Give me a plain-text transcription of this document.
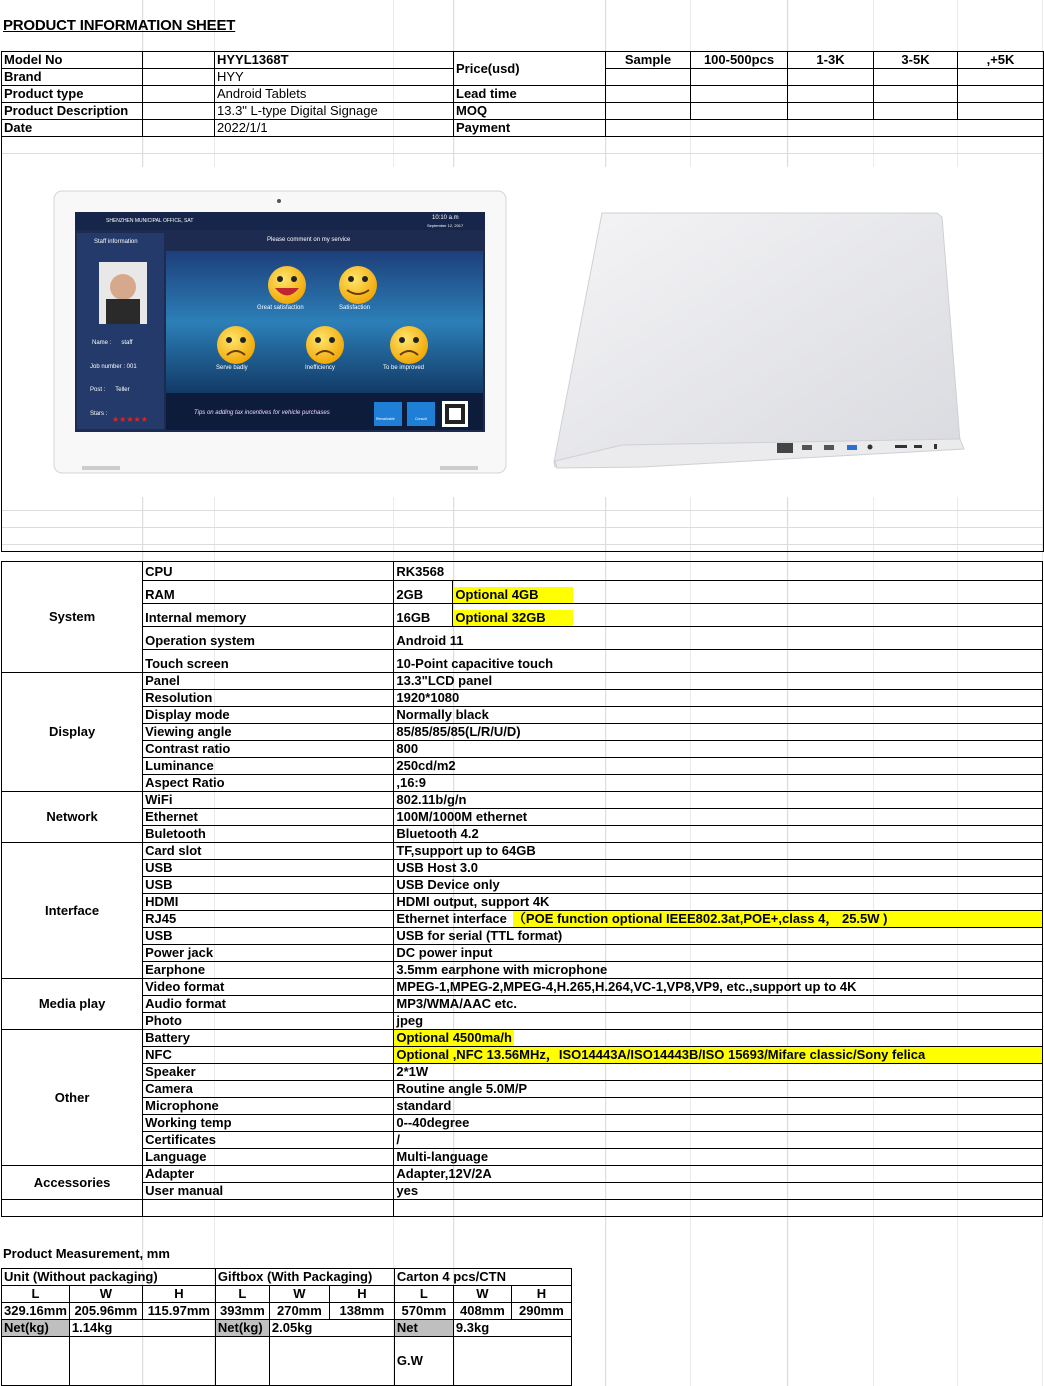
PRODUCT INFORMATION SHEET
Model No		HYYL1368T	Price(usd)	Sample	100-500pcs	1-3K	3-5K	,+5K
Brand		HYY						
Product type		Android Tablets	Lead time					
Product Description		13.3" L-type Digital Signage	MOQ					
Date		2022/1/1	Payment					
★★★★★
SHENZHEN MUNICIPAL OFFICE, SAT	10:10 a.m
September 12, 2017
Staff information	Please comment on my service
Name :      staff
Job number : 001
Post :      Teller
Stars :
Great satisfaction	Satisfaction
Serve badly	Inefficiency	To be improved
Tips on adding tax incentives for vehicle purchases
Remarkable	Consult
System	CPU	RK3568	
	RAM	2GB	Optional 4GB
	Internal memory	16GB	Optional 32GB
	Operation system	Android 11	
	Touch screen	10-Point capacitive touch	
Display	Panel	13.3"LCD panel	
	Resolution	1920*1080	
	Display mode	Normally black	
	Viewing angle	85/85/85/85(L/R/U/D)	
	Contrast ratio	800	
	Luminance	250cd/m2	
	Aspect Ratio	,16:9	
Network	WiFi	802.11b/g/n	
	Ethernet	100M/1000M ethernet	
	Buletooth	Bluetooth 4.2	
Interface	Card slot	TF,support up to 64GB	
	USB	USB Host 3.0	
	USB	USB Device only	
	HDMI	HDMI output, support 4K	
	RJ45	Ethernet interface （POE function optional IEEE802.3at,POE+,class 4， 25.5W )	
	USB	USB for serial (TTL format)	
	Power jack	DC power input	
	Earphone	3.5mm earphone with microphone	
Media play	Video format	MPEG-1,MPEG-2,MPEG-4,H.265,H.264,VC-1,VP8,VP9, etc.,support up to 4K	
	Audio format	MP3/WMA/AAC etc.	
	Photo	jpeg	
Other	Battery	Optional 4500ma/h	
	NFC	Optional ,NFC 13.56MHz，ISO14443A/ISO14443B/ISO 15693/Mifare classic/Sony felica	
	Speaker	2*1W	
	Camera	Routine angle 5.0M/P	
	Microphone	standard	
	Working temp	0--40degree	
	Certificates	/	
	Language	Multi-language	
Accessories	Adapter	Adapter,12V/2A	
	User manual	yes	

Product Measurement, mm
Unit (Without packaging)			Giftbox (With Packaging)			Carton 4 pcs/CTN		
L	W	H	L	W	H	L	W	H
329.16mm	205.96mm	115.97mm	393mm	270mm	138mm	570mm	408mm	290mm
Net(kg)	1.14kg		Net(kg)	2.05kg		Net	9.3kg	
						G.W		
